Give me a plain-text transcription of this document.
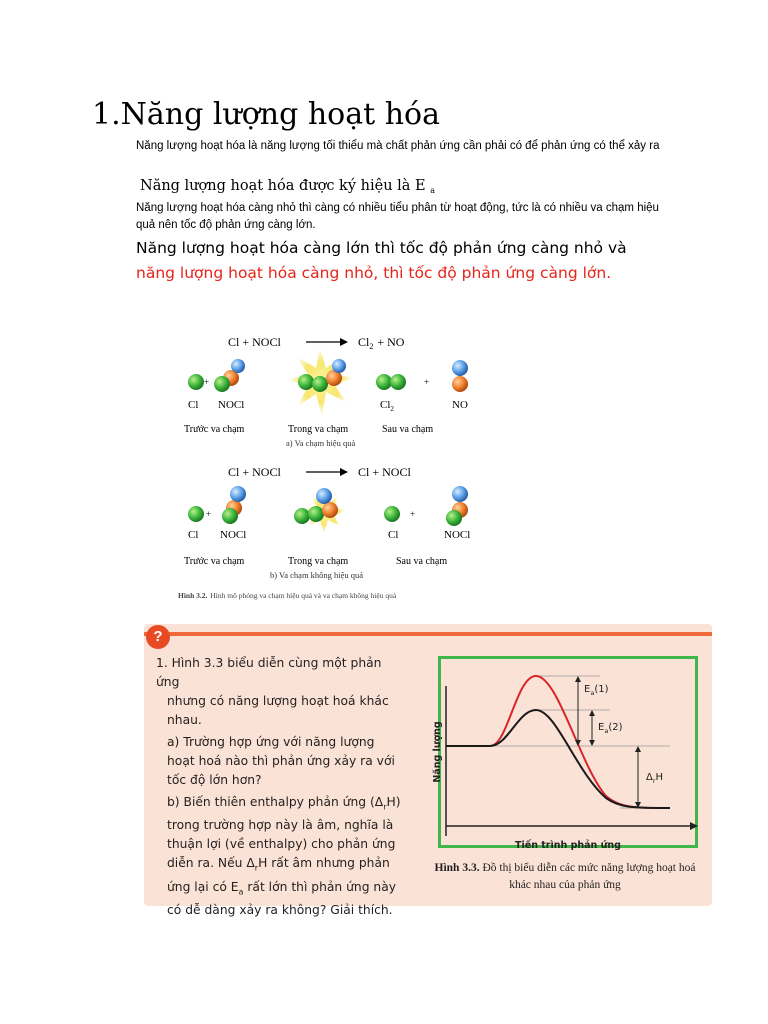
1.Năng lượng hoạt hóa
Năng lượng hoạt hóa là năng lượng tối thiểu mà chất phản ứng cần phải có để phản ứng có thể xảy ra
Năng lượng hoạt hóa được ký hiệu là E $_a$
Năng lượng hoạt hóa càng nhỏ thì càng có nhiều tiểu phân từ hoạt động, tức là có nhiều va chạm hiệu quả nên tốc độ phản ứng càng lớn.
Năng lượng hoạt hóa càng lớn thì tốc độ phản ứng càng nhỏ và
năng lượng hoạt hóa càng nhỏ, thì tốc độ phản ứng càng lớn.
Cl + NOCl	$Cl_2$ + NO
+
Cl NOCl
Trước va chạm	Trong va chạm
a) Va chạm hiệu quả
+
$Cl_2$	NO
Sau va chạm
Cl + NOCl	Cl + NOCl
+
Cl NOCl
Trước va chạm	Trong va chạm
+
Cl	NOCl
Sau va chạm
b) Va chạm không hiệu quả
Hình 3.2. Hình mô phỏng va chạm hiệu quả và va chạm không hiệu quả
?
1. Hình 3.3 biểu diễn cùng một phản ứng
nhưng có năng lượng hoạt hoá khác nhau.
a) Trường hợp ứng với năng lượng hoạt hoá nào thì phản ứng xảy ra với tốc độ lớn hơn?
b) Biến thiên enthalpy phản ứng $(\Delta_rH)$ trong trường hợp này là âm, nghĩa là thuận lợi (về enthalpy) cho phản ứng diễn ra. Nếu $\Delta_rH$ rất âm nhưng phản ứng lại có $E_a$ rất lớn thì phản ứng này có dễ dàng xảy ra không? Giải thích.
Năng lượng
Tiến trình phản ứng
$E_a(1)$
$E_a(2)$
$\Delta_rH$
Hình 3.3. Đồ thị biểu diễn các mức năng lượng hoạt hoá khác nhau của phản ứng
